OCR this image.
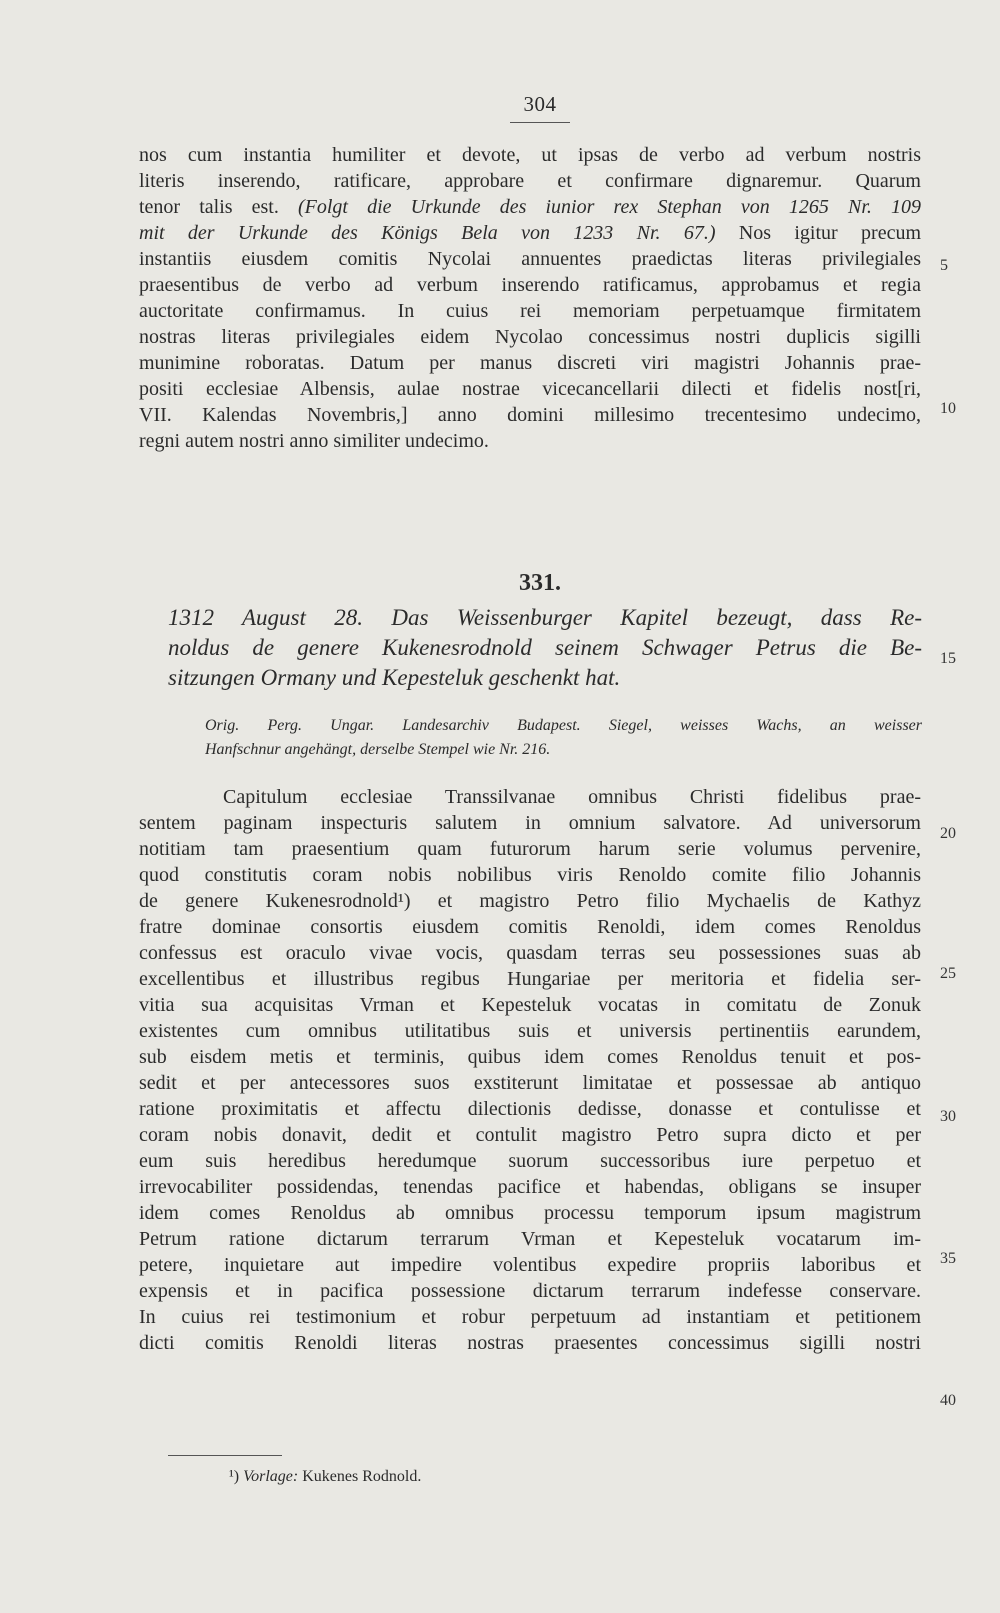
304
nos cum instantia humiliter et devote, ut ipsas de verbo ad verbum nostris
literis inserendo, ratificare, approbare et confirmare dignaremur. Quarum
tenor talis est. (Folgt die Urkunde des iunior rex Stephan von 1265 Nr. 109
mit der Urkunde des Königs Bela von 1233 Nr. 67.) Nos igitur precum
instantiis eiusdem comitis Nycolai annuentes praedictas literas privilegiales
praesentibus de verbo ad verbum inserendo ratificamus, approbamus et regia
auctoritate confirmamus. In cuius rei memoriam perpetuamque firmitatem
nostras literas privilegiales eidem Nycolao concessimus nostri duplicis sigilli
munimine roboratas. Datum per manus discreti viri magistri Johannis prae-
positi ecclesiae Albensis, aulae nostrae vicecancellarii dilecti et fidelis nost[ri,
VII. Kalendas Novembris,] anno domini millesimo trecentesimo undecimo,
regni autem nostri anno similiter undecimo.
331.
1312 August 28. Das Weissenburger Kapitel bezeugt, dass Re-
noldus de genere Kukenesrodnold seinem Schwager Petrus die Be-
sitzungen Ormany und Kepesteluk geschenkt hat.
Orig. Perg. Ungar. Landesarchiv Budapest. Siegel, weisses Wachs, an weisser
Hanfschnur angehängt, derselbe Stempel wie Nr. 216.
Capitulum ecclesiae Transsilvanae omnibus Christi fidelibus prae-
sentem paginam inspecturis salutem in omnium salvatore. Ad universorum
notitiam tam praesentium quam futurorum harum serie volumus pervenire,
quod constitutis coram nobis nobilibus viris Renoldo comite filio Johannis
de genere Kukenesrodnold¹) et magistro Petro filio Mychaelis de Kathyz
fratre dominae consortis eiusdem comitis Renoldi, idem comes Renoldus
confessus est oraculo vivae vocis, quasdam terras seu possessiones suas ab
excellentibus et illustribus regibus Hungariae per meritoria et fidelia ser-
vitia sua acquisitas Vrman et Kepesteluk vocatas in comitatu de Zonuk
existentes cum omnibus utilitatibus suis et universis pertinentiis earundem,
sub eisdem metis et terminis, quibus idem comes Renoldus tenuit et pos-
sedit et per antecessores suos exstiterunt limitatae et possessae ab antiquo
ratione proximitatis et affectu dilectionis dedisse, donasse et contulisse et
coram nobis donavit, dedit et contulit magistro Petro supra dicto et per
eum suis heredibus heredumque suorum successoribus iure perpetuo et
irrevocabiliter possidendas, tenendas pacifice et habendas, obligans se insuper
idem comes Renoldus ab omnibus processu temporum ipsum magistrum
Petrum ratione dictarum terrarum Vrman et Kepesteluk vocatarum im-
petere, inquietare aut impedire volentibus expedire propriis laboribus et
expensis et in pacifica possessione dictarum terrarum indefesse conservare.
In cuius rei testimonium et robur perpetuum ad instantiam et petitionem
dicti comitis Renoldi literas nostras praesentes concessimus sigilli nostri
5
10
15
20
25
30
35
40
¹) Vorlage: Kukenes Rodnold.
